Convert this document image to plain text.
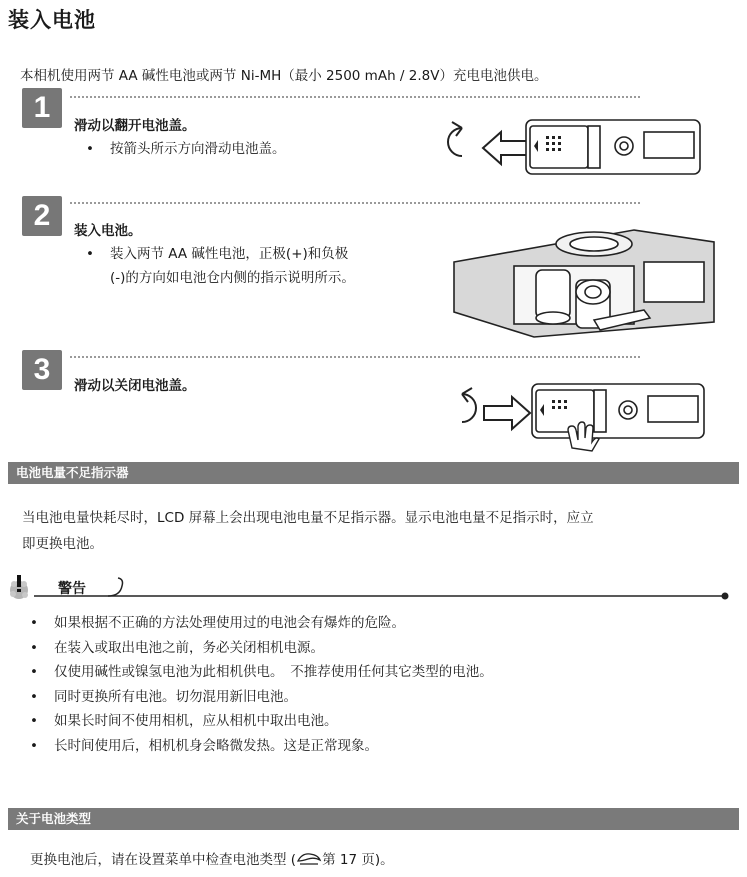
装入电池
本相机使用两节 AA 碱性电池或两节 Ni-MH（最小 2500 mAh / 2.8V）充电电池供电。
1
滑动以翻开电池盖。
•	按箭头所示方向滑动电池盖。
2	装入电池。
•	装入两节 AA 碱性电池，正极(+)和负极
(-)的方向如电池仓内侧的指示说明所示。
3	滑动以关闭电池盖。
电池电量不足指示器
当电池电量快耗尽时，LCD 屏幕上会出现电池电量不足指示器。显示电池电量不足指示时，应立
即更换电池。
警告
• 如果根据不正确的方法处理使用过的电池会有爆炸的危险。
• 在装入或取出电池之前，务必关闭相机电源。
• 仅使用碱性或镍氢电池为此相机供电。　不推荐使用任何其它类型的电池。
• 同时更换所有电池。切勿混用新旧电池。
• 如果长时间不使用相机，应从相机中取出电池。
• 长时间使用后，相机机身会略微发热。这是正常现象。
关于电池类型
更换电池后，请在设置菜单中检查电池类型 ( 第 17 页)。
